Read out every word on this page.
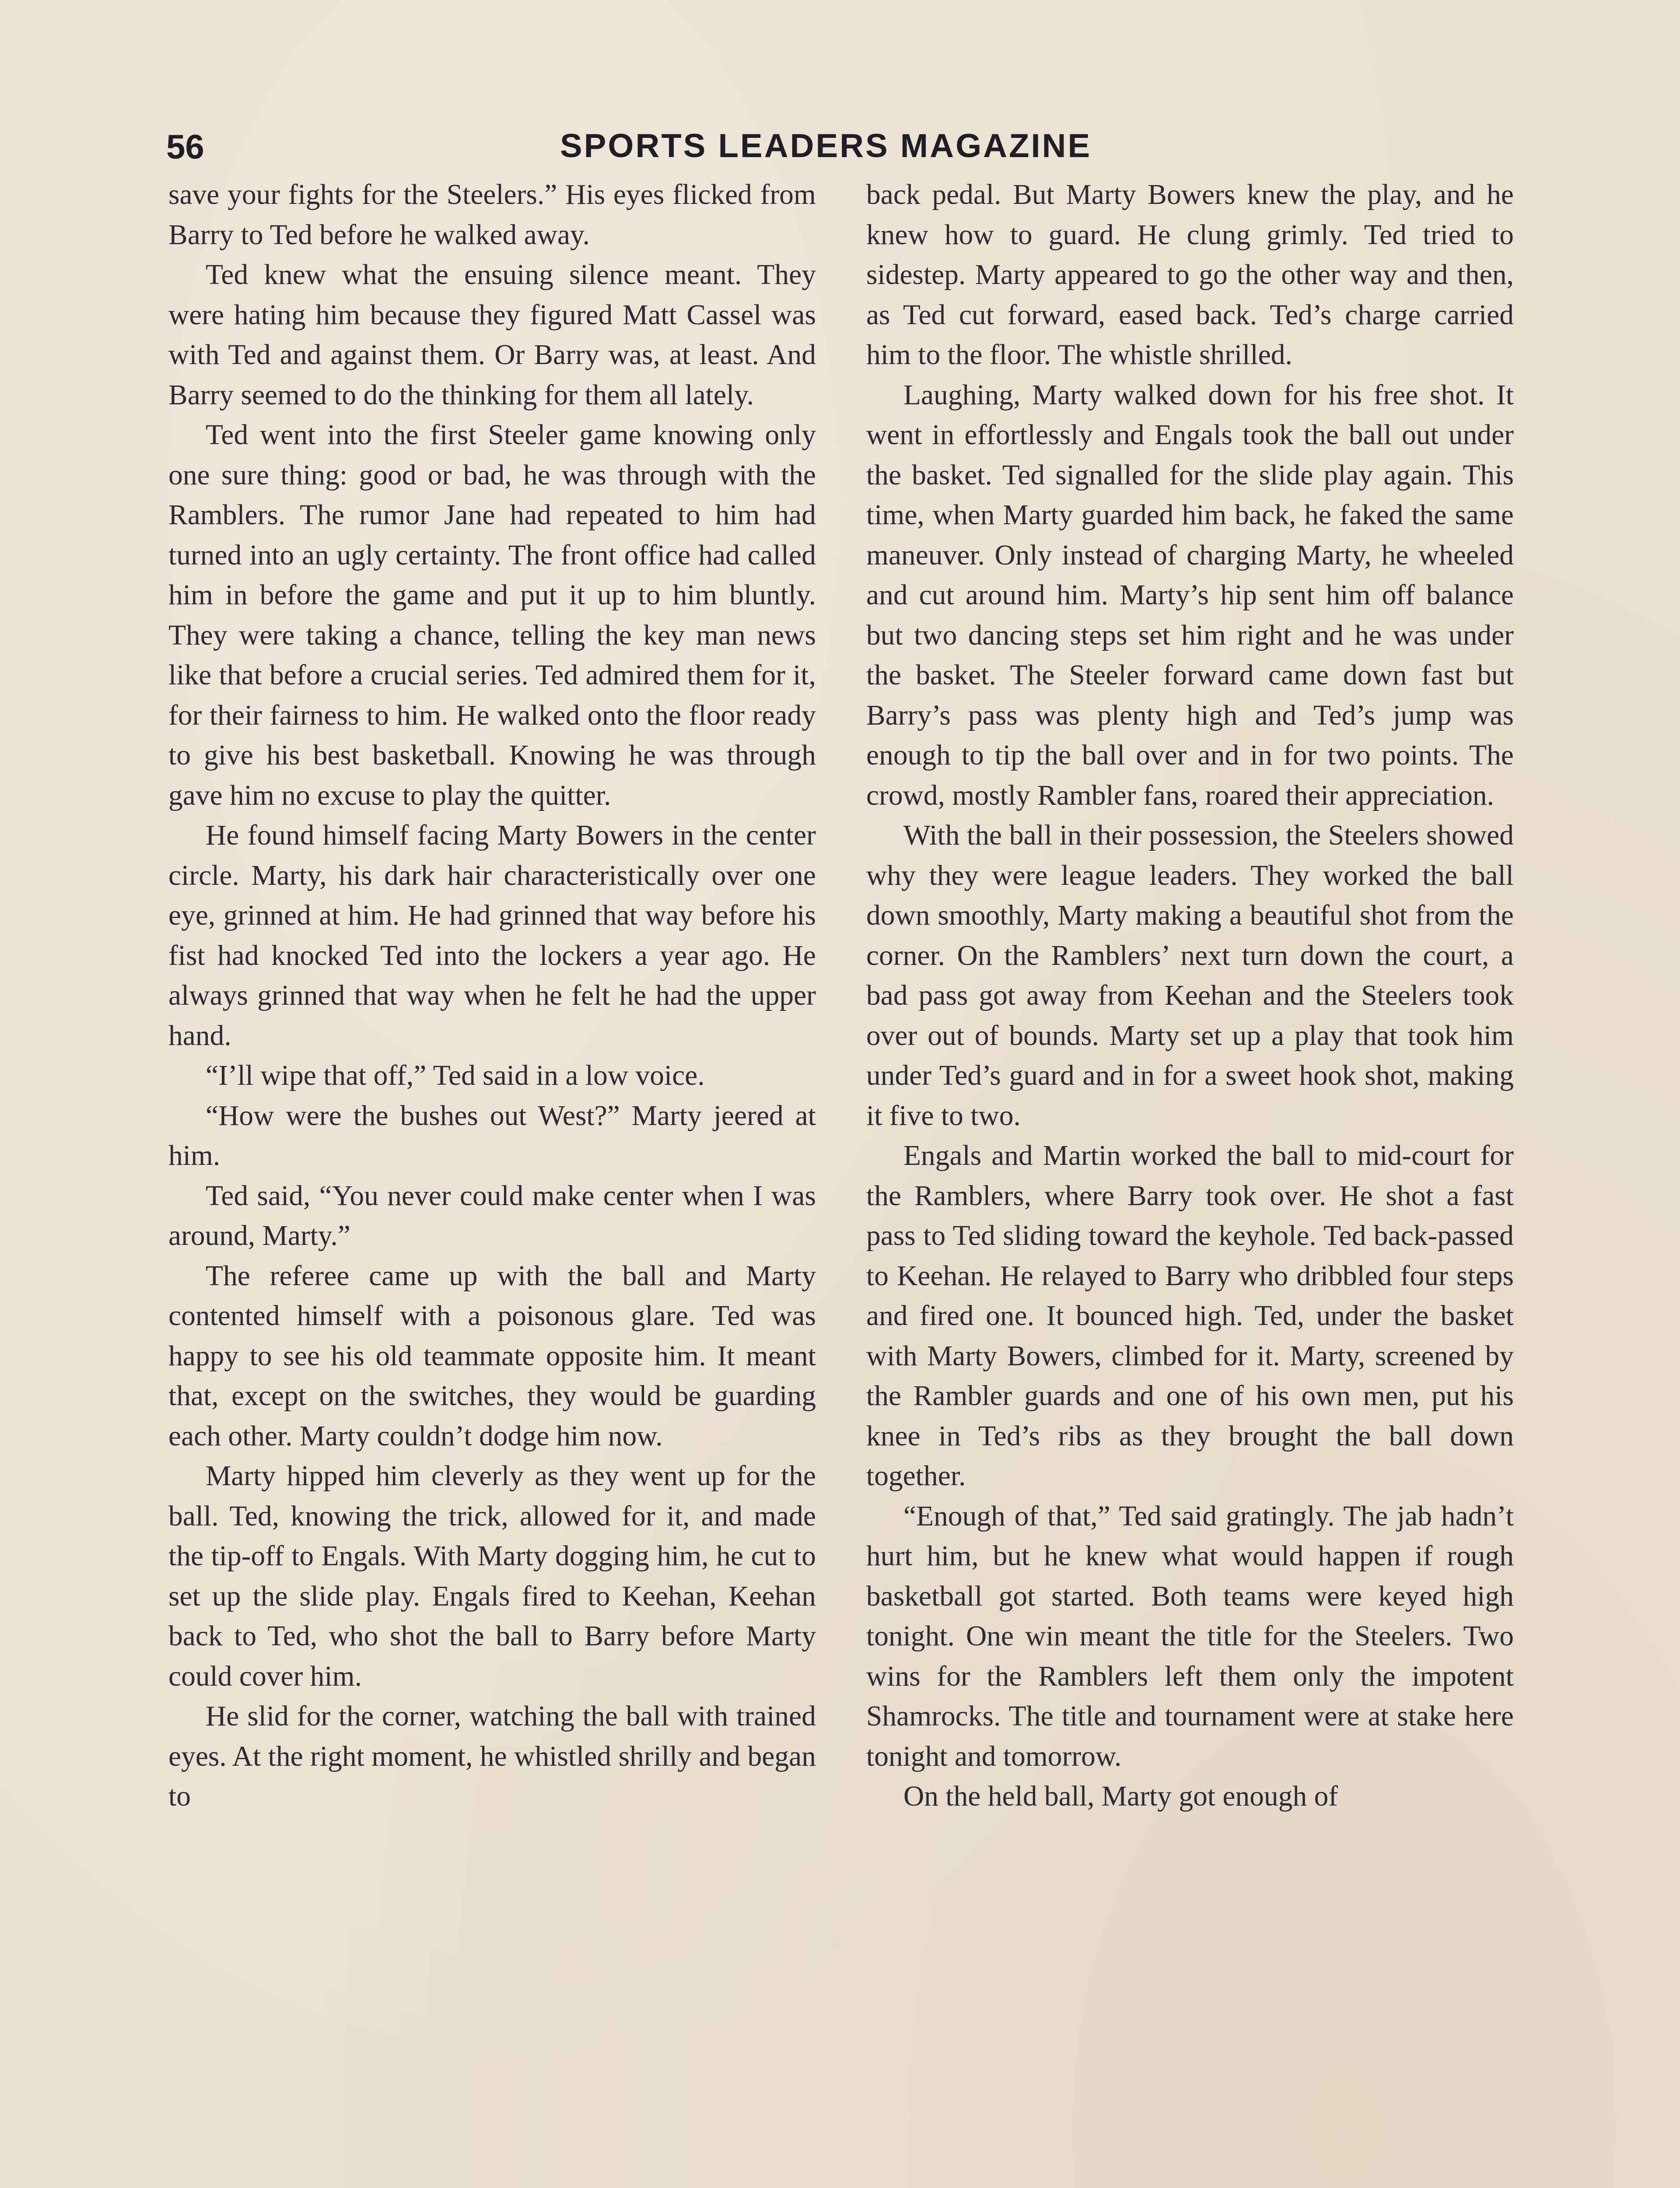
56	SPORTS LEADERS MAGAZINE

save your fights for the Steelers.” His eyes flicked from Barry to Ted before he walked away.

Ted knew what the ensuing silence meant. They were hating him because they figured Matt Cassel was with Ted and against them. Or Barry was, at least. And Barry seemed to do the thinking for them all lately.

Ted went into the first Steeler game knowing only one sure thing: good or bad, he was through with the Ramblers. The rumor Jane had repeated to him had turned into an ugly certainty. The front office had called him in before the game and put it up to him bluntly. They were taking a chance, telling the key man news like that before a crucial series. Ted admired them for it, for their fairness to him. He walked onto the floor ready to give his best basketball. Knowing he was through gave him no excuse to play the quitter.

He found himself facing Marty Bowers in the center circle. Marty, his dark hair characteristically over one eye, grinned at him. He had grinned that way before his fist had knocked Ted into the lockers a year ago. He always grinned that way when he felt he had the upper hand.

“I’ll wipe that off,” Ted said in a low voice.

“How were the bushes out West?” Marty jeered at him.

Ted said, “You never could make center when I was around, Marty.”

The referee came up with the ball and Marty contented himself with a poisonous glare. Ted was happy to see his old teammate opposite him. It meant that, except on the switches, they would be guarding each other. Marty couldn’t dodge him now.

Marty hipped him cleverly as they went up for the ball. Ted, knowing the trick, allowed for it, and made the tip-off to Engals. With Marty dogging him, he cut to set up the slide play. Engals fired to Keehan, Keehan back to Ted, who shot the ball to Barry before Marty could cover him.

He slid for the corner, watching the ball with trained eyes. At the right moment, he whistled shrilly and began to

back pedal. But Marty Bowers knew the play, and he knew how to guard. He clung grimly. Ted tried to sidestep. Marty appeared to go the other way and then, as Ted cut forward, eased back. Ted’s charge carried him to the floor. The whistle shrilled.

Laughing, Marty walked down for his free shot. It went in effortlessly and Engals took the ball out under the basket. Ted signalled for the slide play again. This time, when Marty guarded him back, he faked the same maneuver. Only instead of charging Marty, he wheeled and cut around him. Marty’s hip sent him off balance but two dancing steps set him right and he was under the basket. The Steeler forward came down fast but Barry’s pass was plenty high and Ted’s jump was enough to tip the ball over and in for two points. The crowd, mostly Rambler fans, roared their appreciation.

With the ball in their possession, the Steelers showed why they were league leaders. They worked the ball down smoothly, Marty making a beautiful shot from the corner. On the Ramblers’ next turn down the court, a bad pass got away from Keehan and the Steelers took over out of bounds. Marty set up a play that took him under Ted’s guard and in for a sweet hook shot, making it five to two.

Engals and Martin worked the ball to mid-court for the Ramblers, where Barry took over. He shot a fast pass to Ted sliding toward the keyhole. Ted back-passed to Keehan. He relayed to Barry who dribbled four steps and fired one. It bounced high. Ted, under the basket with Marty Bowers, climbed for it. Marty, screened by the Rambler guards and one of his own men, put his knee in Ted’s ribs as they brought the ball down together.

“Enough of that,” Ted said gratingly. The jab hadn’t hurt him, but he knew what would happen if rough basketball got started. Both teams were keyed high tonight. One win meant the title for the Steelers. Two wins for the Ramblers left them only the impotent Shamrocks. The title and tournament were at stake here tonight and tomorrow.

On the held ball, Marty got enough of
